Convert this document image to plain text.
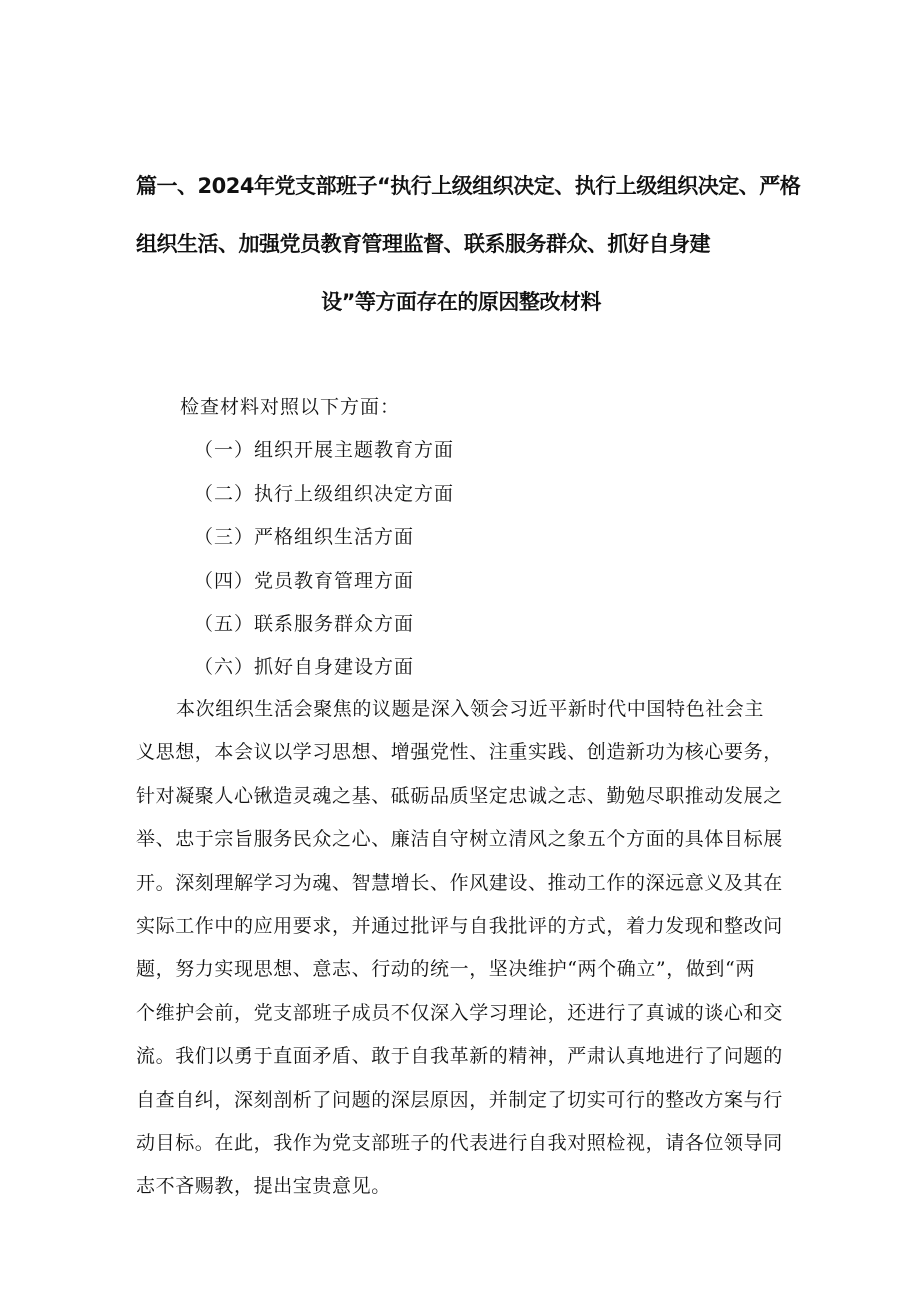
篇一、2024年党支部班子“执行上级组织决定、执行上级组织决定、严格
组织生活、加强党员教育管理监督、联系服务群众、抓好自身建
设”等方面存在的原因整改材料
检查材料对照以下方面：
（一）组织开展主题教育方面
（二）执行上级组织决定方面
（三）严格组织生活方面
（四）党员教育管理方面
（五）联系服务群众方面
（六）抓好自身建设方面
本次组织生活会聚焦的议题是深入领会习近平新时代中国特色社会主
义思想，本会议以学习思想、增强党性、注重实践、创造新功为核心要务，
针对凝聚人心锹造灵魂之基、砥砺品质坚定忠诚之志、勤勉尽职推动发展之
举、忠于宗旨服务民众之心、廉洁自守树立清风之象五个方面的具体目标展
开。深刻理解学习为魂、智慧增长、作风建设、推动工作的深远意义及其在
实际工作中的应用要求，并通过批评与自我批评的方式，着力发现和整改问
题，努力实现思想、意志、行动的统一，坚决维护“两个确立”，做到“两
个维护会前，党支部班子成员不仅深入学习理论，还进行了真诚的谈心和交
流。我们以勇于直面矛盾、敢于自我革新的精神，严肃认真地进行了问题的
自查自纠，深刻剖析了问题的深层原因，并制定了切实可行的整改方案与行
动目标。在此，我作为党支部班子的代表进行自我对照检视，请各位领导同
志不吝赐教，提出宝贵意见。
